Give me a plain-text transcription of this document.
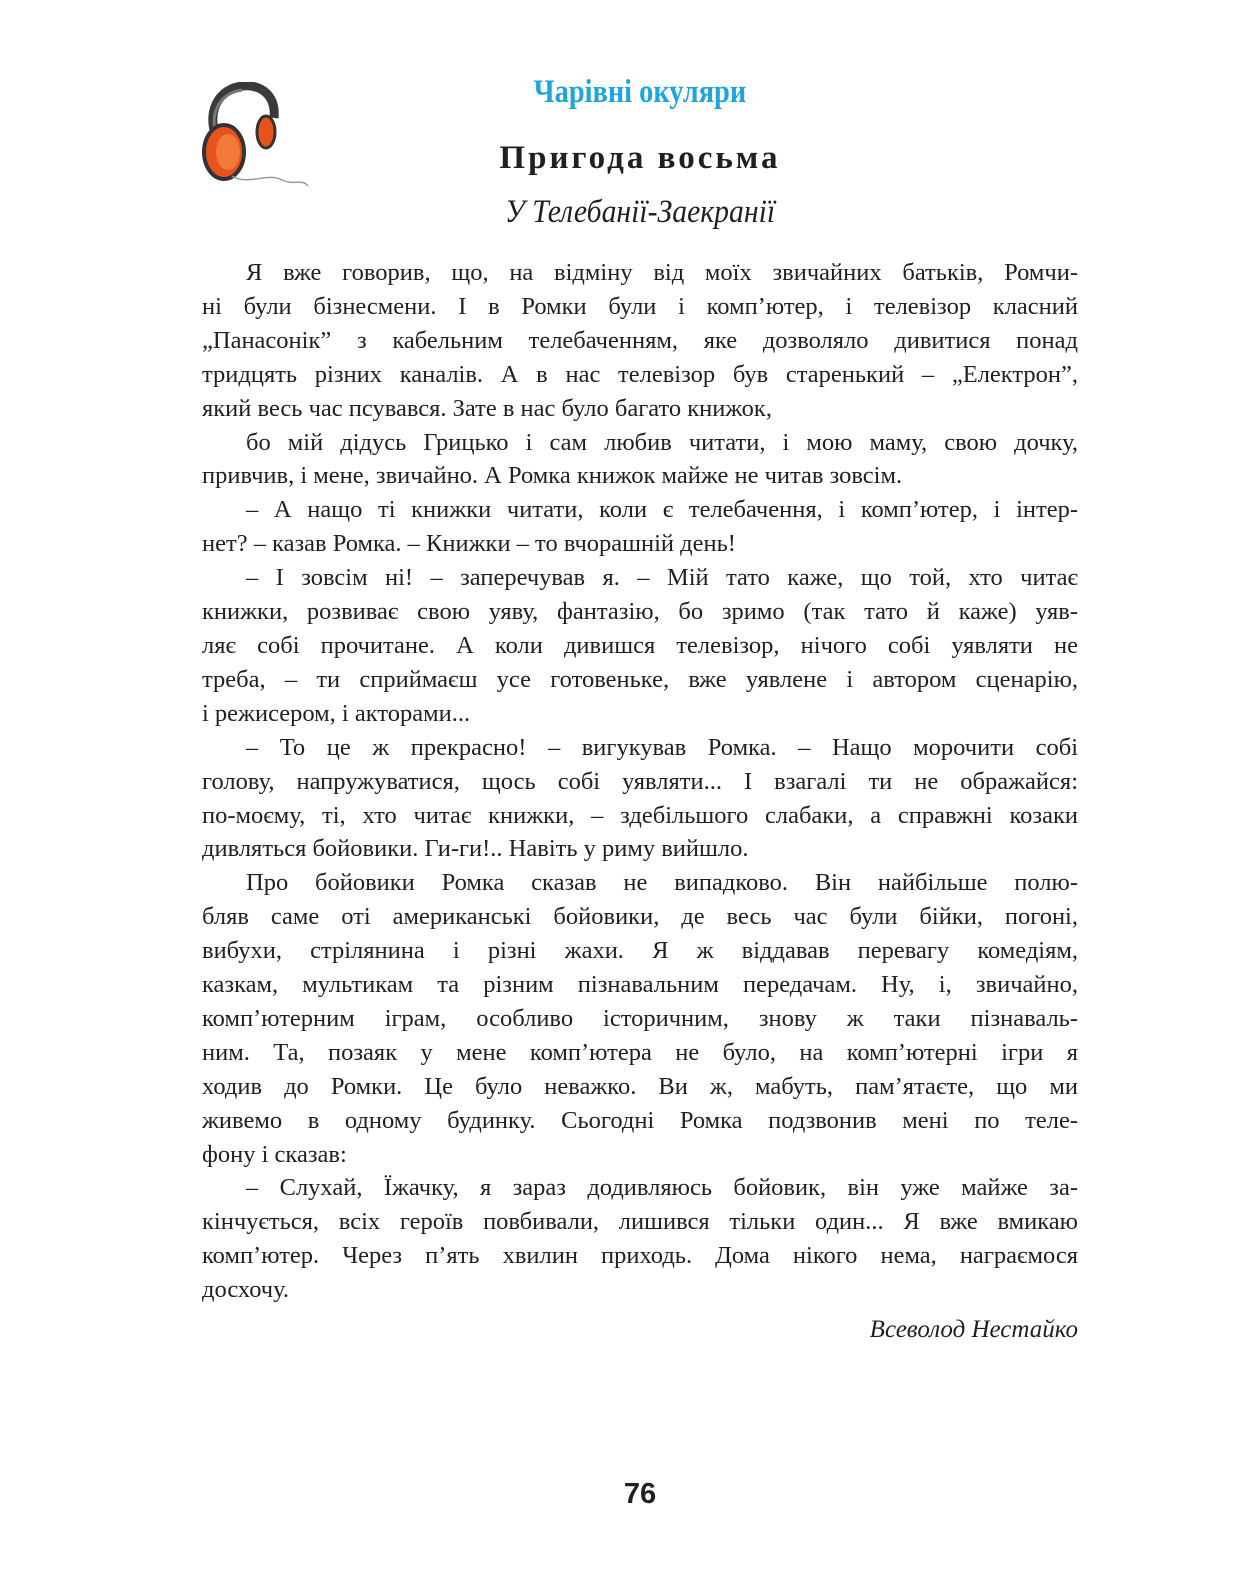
Чарівні окуляри
Пригода восьма
У Телебанії-Заекранії
Я вже говорив, що, на відміну від моїх звичайних батьків, Ромчи-
ні були бізнесмени. І в Ромки були і комп’ютер, і телевізор класний
„Панасонік” з кабельним телебаченням, яке дозволяло дивитися понад
тридцять різних каналів. А в нас телевізор був старенький – „Електрон”,
який весь час псувався. Зате в нас було багато книжок,
бо мій дідусь Грицько і сам любив читати, і мою маму, свою дочку,
привчив, і мене, звичайно. А Ромка книжок майже не читав зовсім.
– А нащо ті книжки читати, коли є телебачення, і комп’ютер, і інтер-
нет? – казав Ромка. – Книжки – то вчорашній день!
– І зовсім ні! – заперечував я. – Мій тато каже, що той, хто читає
книжки, розвиває свою уяву, фантазію, бо зримо (так тато й каже) уяв-
ляє собі прочитане. А коли дивишся телевізор, нічого собі уявляти не
треба, – ти сприймаєш усе готовеньке, вже уявлене і автором сценарію,
і режисером, і акторами...
– То це ж прекрасно! – вигукував Ромка. – Нащо морочити собі
голову, напружуватися, щось собі уявляти... І взагалі ти не ображайся:
по-моєму, ті, хто читає книжки, – здебільшого слабаки, а справжні козаки
дивляться бойовики. Ги-ги!.. Навіть у риму вийшло.
Про бойовики Ромка сказав не випадково. Він найбільше полю-
бляв саме оті американські бойовики, де весь час були бійки, погоні,
вибухи, стрілянина і різні жахи. Я ж віддавав перевагу комедіям,
казкам, мультикам та різним пізнавальним передачам. Ну, і, звичайно,
комп’ютерним іграм, особливо історичним, знову ж таки пізнаваль-
ним. Та, позаяк у мене комп’ютера не було, на комп’ютерні ігри я
ходив до Ромки. Це було неважко. Ви ж, мабуть, пам’ятаєте, що ми
живемо в одному будинку. Сьогодні Ромка подзвонив мені по теле-
фону і сказав:
– Слухай, Їжачку, я зараз додивляюсь бойовик, він уже майже за-
кінчується, всіх героїв повбивали, лишився тільки один... Я вже вмикаю
комп’ютер. Через п’ять хвилин приходь. Дома нікого нема, награємося
досхочу.
Всеволод Нестайко
76
